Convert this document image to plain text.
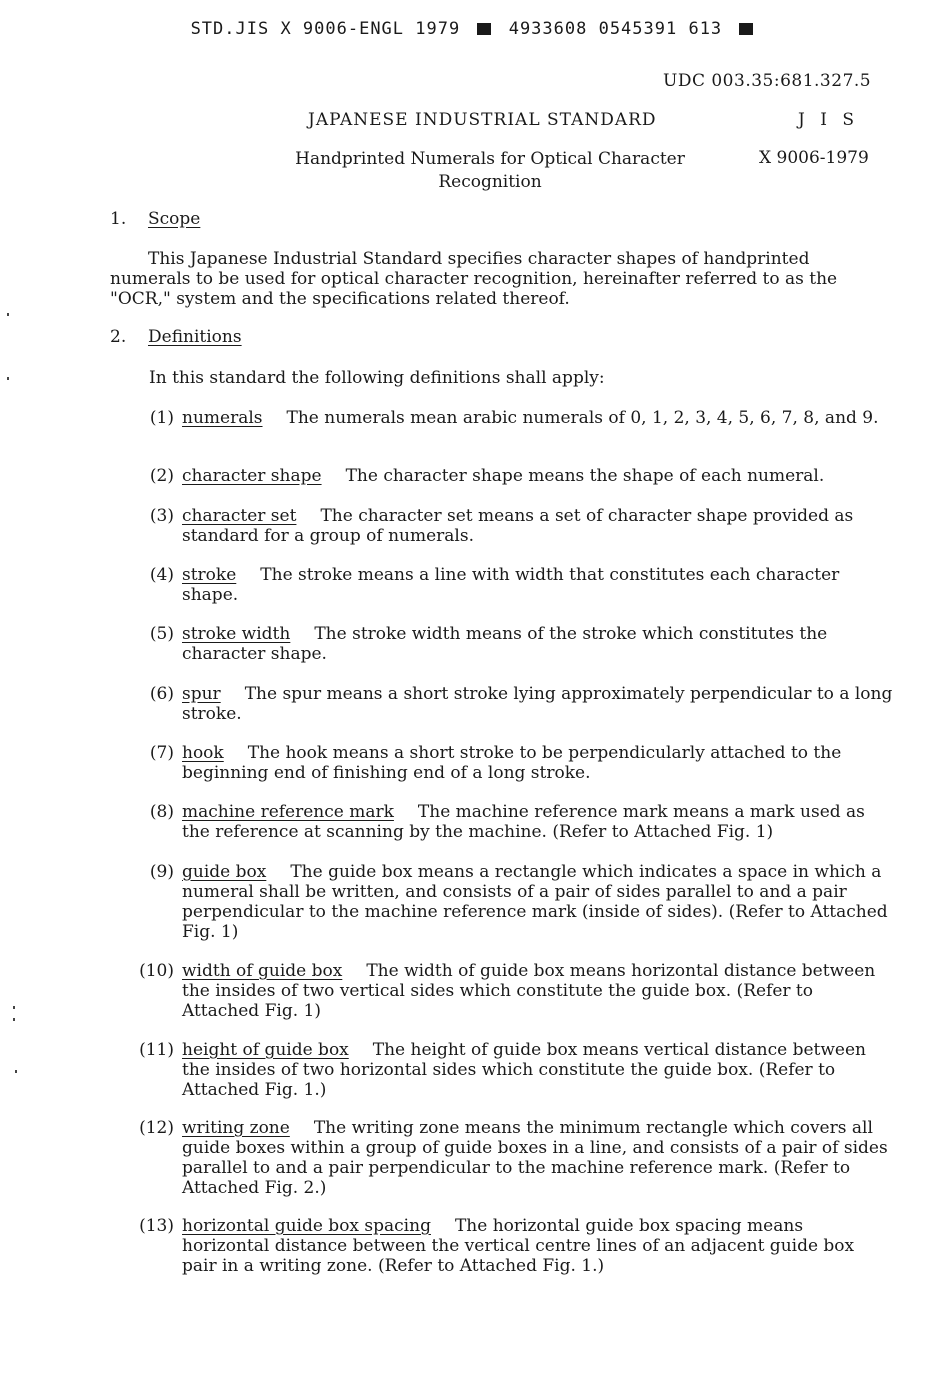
STD.JIS X 9006-ENGL 1979	4933608 0545391 613
UDC 003.35:681.327.5
JAPANESE INDUSTRIAL STANDARD	J I S
Handprinted Numerals for Optical Character Recognition
X 9006-1979
1. Scope
This Japanese Industrial Standard specifies character shapes of handprinted numerals to be used for optical character recognition, hereinafter referred to as the "OCR," system and the specifications related thereof.
2. Definitions
In this standard the following definitions shall apply:
(1) numerals The numerals mean arabic numerals of 0, 1, 2, 3, 4, 5, 6, 7, 8, and 9.
(2) character shape The character shape means the shape of each numeral.
(3) character set The character set means a set of character shape provided as standard for a group of numerals.
(4) stroke The stroke means a line with width that constitutes each character shape.
(5) stroke width The stroke width means of the stroke which constitutes the character shape.
(6) spur The spur means a short stroke lying approximately perpendicular to a long stroke.
(7) hook The hook means a short stroke to be perpendicularly attached to the beginning end of finishing end of a long stroke.
(8) machine reference mark The machine reference mark means a mark used as the reference at scanning by the machine. (Refer to Attached Fig. 1)
(9) guide box The guide box means a rectangle which indicates a space in which a numeral shall be written, and consists of a pair of sides parallel to and a pair perpendicular to the machine reference mark (inside of sides). (Refer to Attached Fig. 1)
(10) width of guide box The width of guide box means horizontal distance between the insides of two vertical sides which constitute the guide box. (Refer to Attached Fig. 1)
(11) height of guide box The height of guide box means vertical distance between the insides of two horizontal sides which constitute the guide box. (Refer to Attached Fig. 1.)
(12) writing zone The writing zone means the minimum rectangle which covers all guide boxes within a group of guide boxes in a line, and consists of a pair of sides parallel to and a pair perpendicular to the machine reference mark. (Refer to Attached Fig. 2.)
(13) horizontal guide box spacing The horizontal guide box spacing means horizontal distance between the vertical centre lines of an adjacent guide box pair in a writing zone. (Refer to Attached Fig. 1.)
